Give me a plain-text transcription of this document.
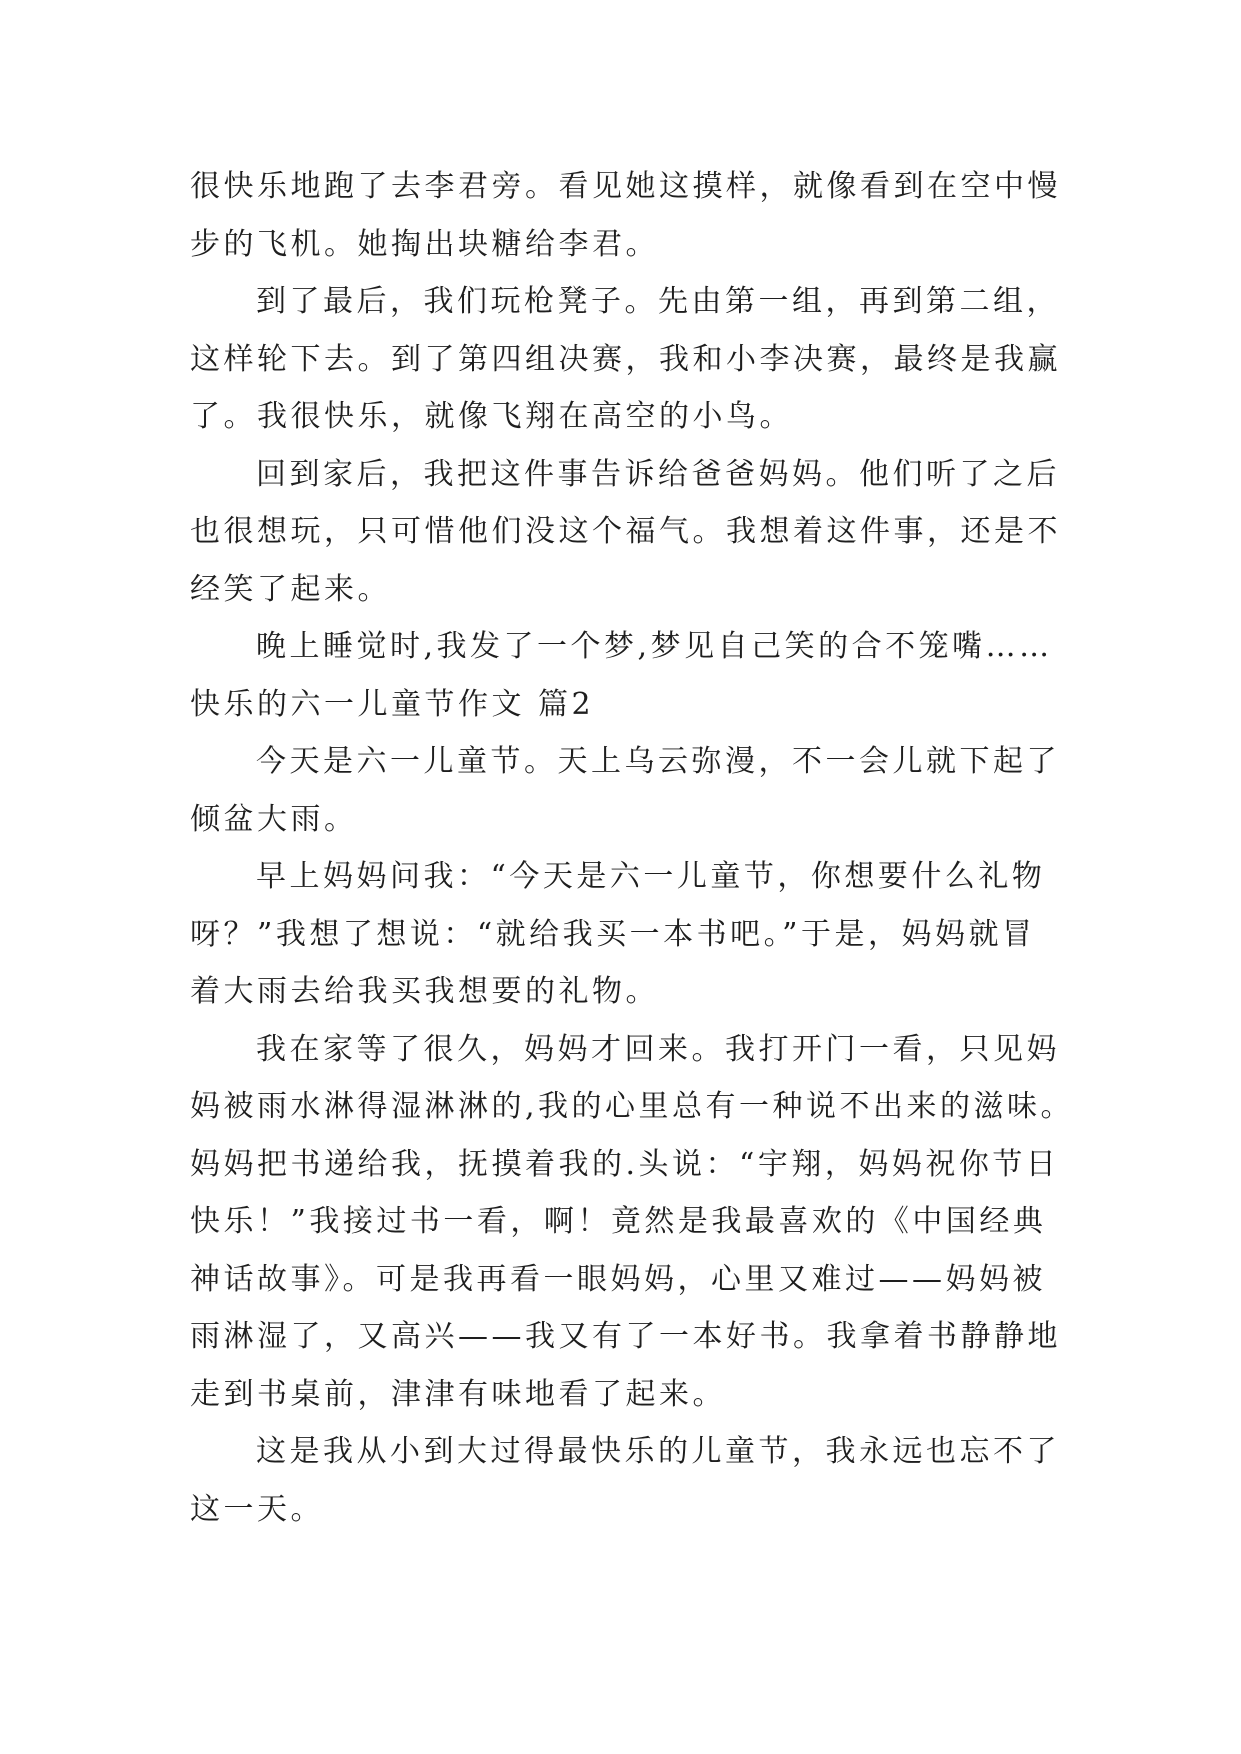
很快乐地跑了去李君旁。看见她这摸样，就像看到在空中慢
步的飞机。她掏出块糖给李君。
到了最后，我们玩枪凳子。先由第一组，再到第二组，
这样轮下去。到了第四组决赛，我和小李决赛，最终是我赢
了。我很快乐，就像飞翔在高空的小鸟。
回到家后，我把这件事告诉给爸爸妈妈。他们听了之后
也很想玩，只可惜他们没这个福气。我想着这件事，还是不
经笑了起来。
晚上睡觉时,我发了一个梦,梦见自己笑的合不笼嘴……
快乐的六一儿童节作文 篇2
今天是六一儿童节。天上乌云弥漫，不一会儿就下起了
倾盆大雨。
早上妈妈问我：“今天是六一儿童节，你想要什么礼物
呀？”我想了想说：“就给我买一本书吧。”于是，妈妈就冒
着大雨去给我买我想要的礼物。
我在家等了很久，妈妈才回来。我打开门一看，只见妈
妈被雨水淋得湿淋淋的,我的心里总有一种说不出来的滋味。
妈妈把书递给我，抚摸着我的.头说：“宇翔，妈妈祝你节日
快乐！”我接过书一看，啊！竟然是我最喜欢的《中国经典
神话故事》。可是我再看一眼妈妈，心里又难过——妈妈被
雨淋湿了，又高兴——我又有了一本好书。我拿着书静静地
走到书桌前，津津有味地看了起来。
这是我从小到大过得最快乐的儿童节，我永远也忘不了
这一天。
